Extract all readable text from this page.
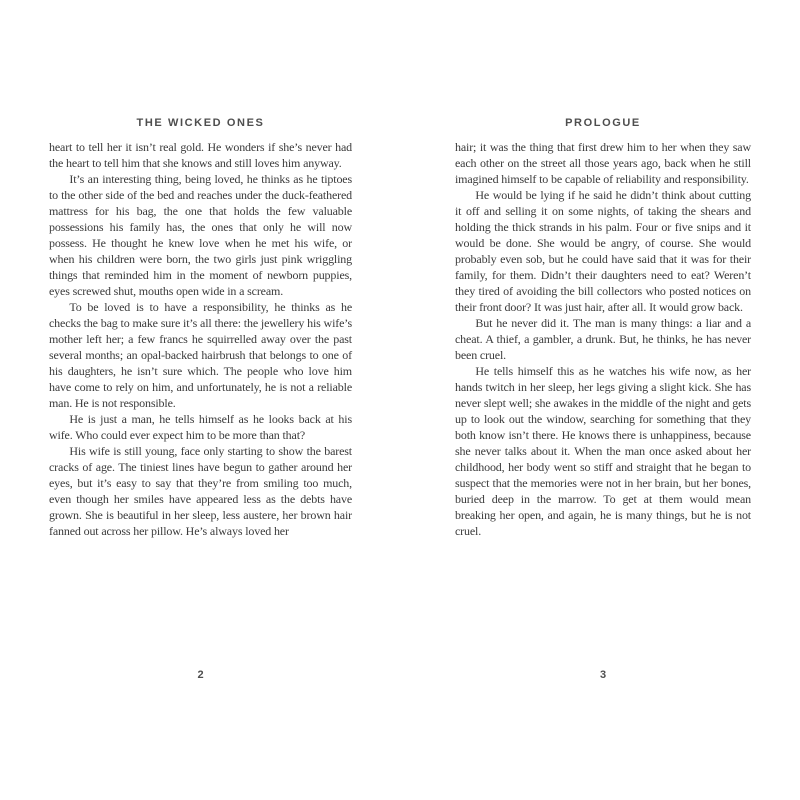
THE WICKED ONES

heart to tell her it isn’t real gold. He wonders if she’s never had the heart to tell him that she knows and still loves him anyway.

It’s an interesting thing, being loved, he thinks as he tiptoes to the other side of the bed and reaches under the duck-feathered mattress for his bag, the one that holds the few valuable possessions his family has, the ones that only he will now possess. He thought he knew love when he met his wife, or when his children were born, the two girls just pink wriggling things that reminded him in the moment of newborn puppies, eyes screwed shut, mouths open wide in a scream.

To be loved is to have a responsibility, he thinks as he checks the bag to make sure it’s all there: the jewellery his wife’s mother left her; a few francs he squirrelled away over the past several months; an opal-backed hairbrush that belongs to one of his daughters, he isn’t sure which. The people who love him have come to rely on him, and unfortunately, he is not a reliable man. He is not responsible.

He is just a man, he tells himself as he looks back at his wife. Who could ever expect him to be more than that?

His wife is still young, face only starting to show the barest cracks of age. The tiniest lines have begun to gather around her eyes, but it’s easy to say that they’re from smiling too much, even though her smiles have appeared less as the debts have grown. She is beautiful in her sleep, less austere, her brown hair fanned out across her pillow. He’s always loved her

2
PROLOGUE

hair; it was the thing that first drew him to her when they saw each other on the street all those years ago, back when he still imagined himself to be capable of reliability and responsibility.

He would be lying if he said he didn’t think about cutting it off and selling it on some nights, of taking the shears and holding the thick strands in his palm. Four or five snips and it would be done. She would be angry, of course. She would probably even sob, but he could have said that it was for their family, for them. Didn’t their daughters need to eat? Weren’t they tired of avoiding the bill collectors who posted notices on their front door? It was just hair, after all. It would grow back.

But he never did it. The man is many things: a liar and a cheat. A thief, a gambler, a drunk. But, he thinks, he has never been cruel.

He tells himself this as he watches his wife now, as her hands twitch in her sleep, her legs giving a slight kick. She has never slept well; she awakes in the middle of the night and gets up to look out the window, searching for something that they both know isn’t there. He knows there is unhappiness, because she never talks about it. When the man once asked about her childhood, her body went so stiff and straight that he began to suspect that the memories were not in her brain, but her bones, buried deep in the marrow. To get at them would mean breaking her open, and again, he is many things, but he is not cruel.

3
